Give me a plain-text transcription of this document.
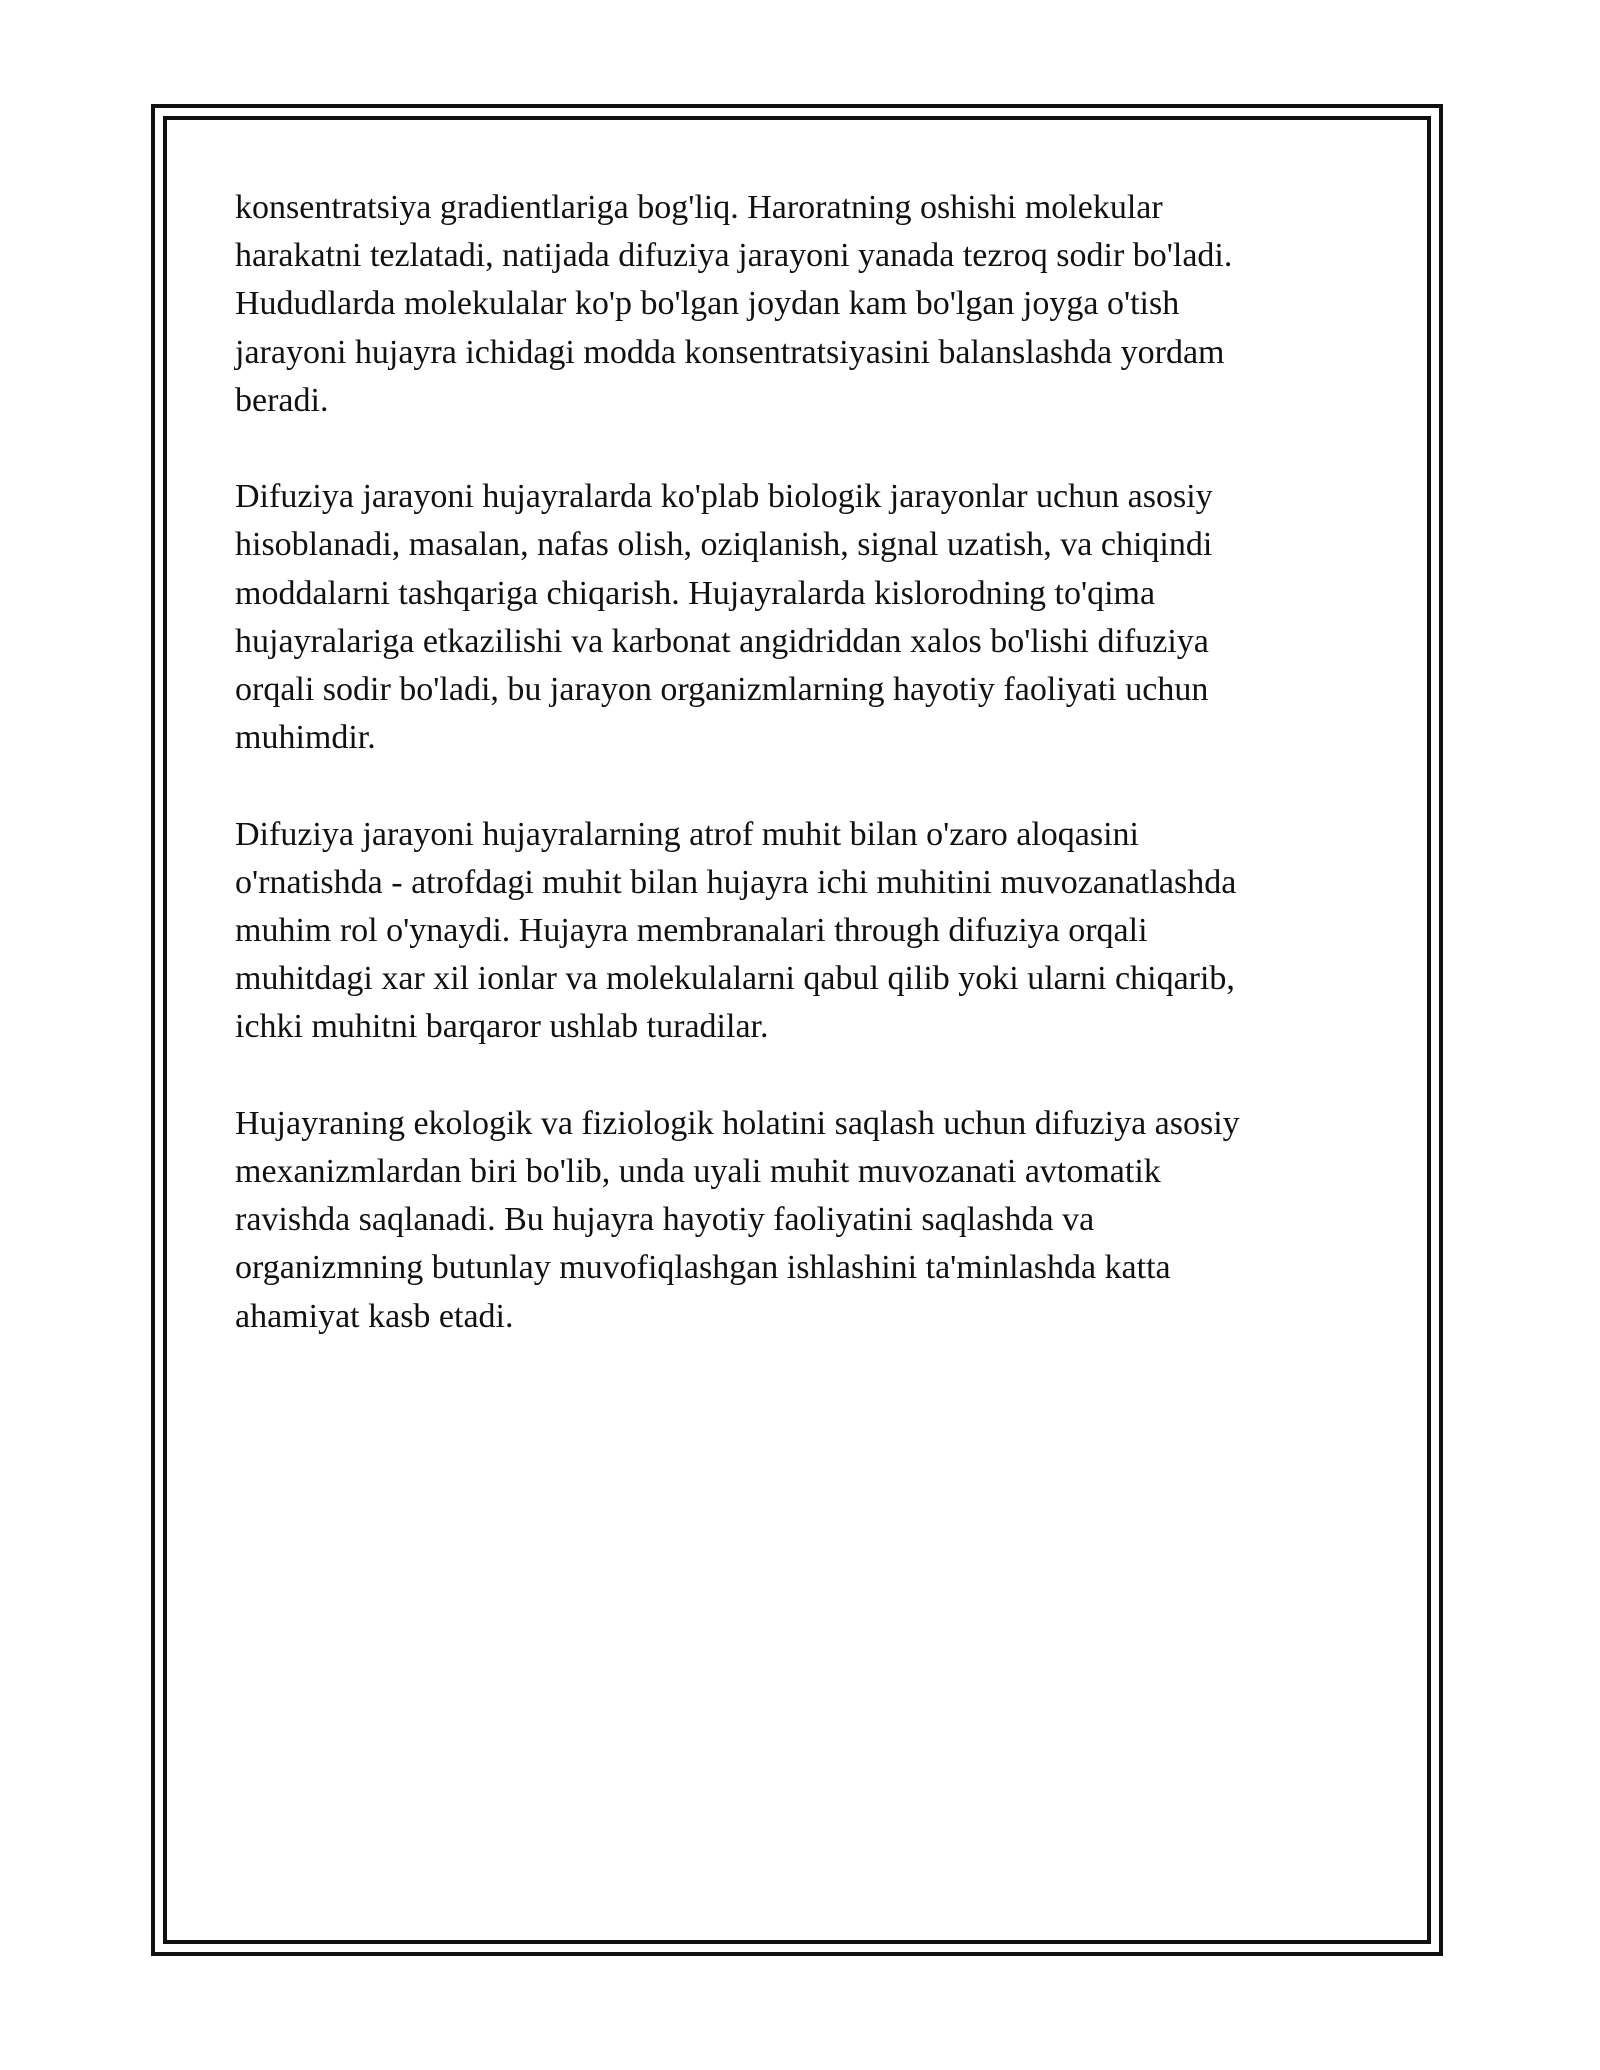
konsentratsiya gradientlariga bog'liq. Haroratning oshishi molekular
harakatni tezlatadi, natijada difuziya jarayoni yanada tezroq sodir bo'ladi.
Hududlarda molekulalar ko'p bo'lgan joydan kam bo'lgan joyga o'tish
jarayoni hujayra ichidagi modda konsentratsiyasini balanslashda yordam
beradi.

Difuziya jarayoni hujayralarda ko'plab biologik jarayonlar uchun asosiy
hisoblanadi, masalan, nafas olish, oziqlanish, signal uzatish, va chiqindi
moddalarni tashqariga chiqarish. Hujayralarda kislorodning to'qima
hujayralariga etkazilishi va karbonat angidriddan xalos bo'lishi difuziya
orqali sodir bo'ladi, bu jarayon organizmlarning hayotiy faoliyati uchun
muhimdir.

Difuziya jarayoni hujayralarning atrof muhit bilan o'zaro aloqasini
o'rnatishda - atrofdagi muhit bilan hujayra ichi muhitini muvozanatlashda
muhim rol o'ynaydi. Hujayra membranalari through difuziya orqali
muhitdagi xar xil ionlar va molekulalarni qabul qilib yoki ularni chiqarib,
ichki muhitni barqaror ushlab turadilar.

Hujayraning ekologik va fiziologik holatini saqlash uchun difuziya asosiy
mexanizmlardan biri bo'lib, unda uyali muhit muvozanati avtomatik
ravishda saqlanadi. Bu hujayra hayotiy faoliyatini saqlashda va
organizmning butunlay muvofiqlashgan ishlashini ta'minlashda katta
ahamiyat kasb etadi.
